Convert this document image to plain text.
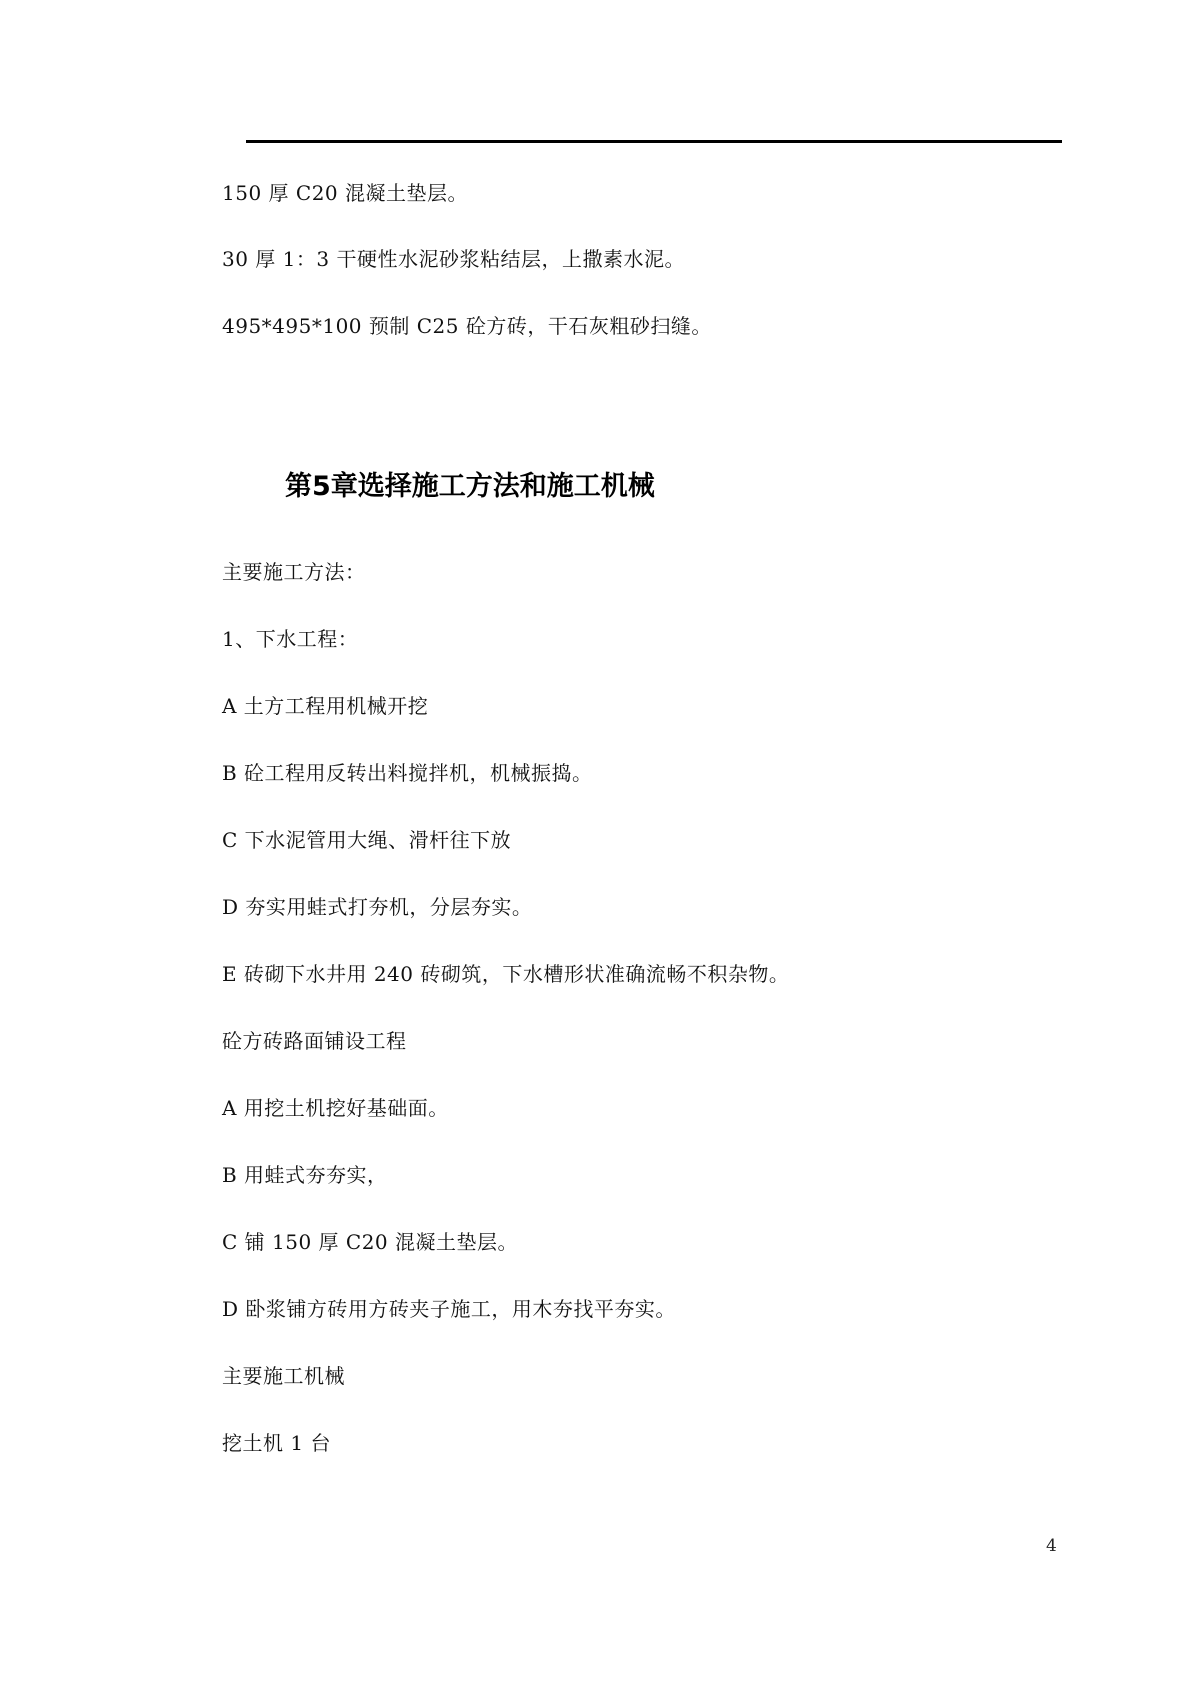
150 厚 C20 混凝土垫层。

30 厚 1：3 干硬性水泥砂浆粘结层，上撒素水泥。

495*495*100 预制 C25 砼方砖，干石灰粗砂扫缝。

第5章选择施工方法和施工机械

主要施工方法：

1、下水工程：

A 土方工程用机械开挖

B 砼工程用反转出料搅拌机，机械振捣。

C 下水泥管用大绳、滑杆往下放

D 夯实用蛙式打夯机，分层夯实。

E 砖砌下水井用 240 砖砌筑，下水槽形状准确流畅不积杂物。

砼方砖路面铺设工程

A 用挖土机挖好基础面。

B 用蛙式夯夯实，

C 铺 150 厚 C20 混凝土垫层。

D 卧浆铺方砖用方砖夹子施工，用木夯找平夯实。

主要施工机械

挖土机 1 台

4
